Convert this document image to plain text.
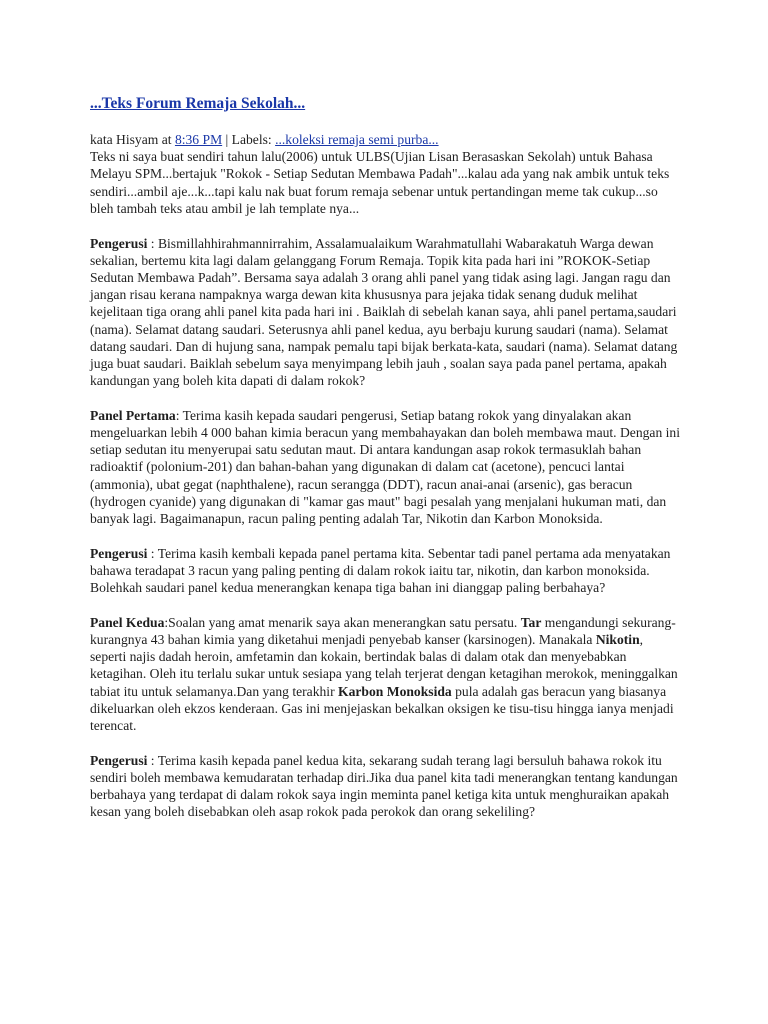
...Teks Forum Remaja Sekolah...
kata Hisyam at 8:36 PM | Labels: ...koleksi remaja semi purba...

Teks ni saya buat sendiri tahun lalu(2006) untuk ULBS(Ujian Lisan Berasaskan Sekolah) untuk Bahasa Melayu SPM...bertajuk "Rokok - Setiap Sedutan Membawa Padah"...kalau ada yang nak ambik untuk teks sendiri...ambil aje...k...tapi kalu nak buat forum remaja sebenar untuk pertandingan meme tak cukup...so bleh tambah teks atau ambil je lah template nya...

Pengerusi : Bismillahhirahmannirrahim, Assalamualaikum Warahmatullahi Wabarakatuh Warga dewan sekalian, bertemu kita lagi dalam gelanggang Forum Remaja. Topik kita pada hari ini ”ROKOK-Setiap Sedutan Membawa Padah”. Bersama saya adalah 3 orang ahli panel yang tidak asing lagi. Jangan ragu dan jangan risau kerana nampaknya warga dewan kita khususnya para jejaka tidak senang duduk melihat kejelitaan tiga orang ahli panel kita pada hari ini . Baiklah di sebelah kanan saya, ahli panel pertama,saudari (nama). Selamat datang saudari. Seterusnya ahli panel kedua, ayu berbaju kurung saudari (nama). Selamat datang saudari. Dan di hujung sana, nampak pemalu tapi bijak berkata-kata, saudari (nama). Selamat datang juga buat saudari. Baiklah sebelum saya menyimpang lebih jauh , soalan saya pada panel pertama, apakah kandungan yang boleh kita dapati di dalam rokok?

Panel Pertama: Terima kasih kepada saudari pengerusi, Setiap batang rokok yang dinyalakan akan mengeluarkan lebih 4 000 bahan kimia beracun yang membahayakan dan boleh membawa maut. Dengan ini setiap sedutan itu menyerupai satu sedutan maut. Di antara kandungan asap rokok termasuklah bahan radioaktif (polonium-201) dan bahan-bahan yang digunakan di dalam cat (acetone), pencuci lantai (ammonia), ubat gegat (naphthalene), racun serangga (DDT), racun anai-anai (arsenic), gas beracun (hydrogen cyanide) yang digunakan di "kamar gas maut" bagi pesalah yang menjalani hukuman mati, dan banyak lagi. Bagaimanapun, racun paling penting adalah Tar, Nikotin dan Karbon Monoksida.

Pengerusi : Terima kasih kembali kepada panel pertama kita. Sebentar tadi panel pertama ada menyatakan bahawa teradapat 3 racun yang paling penting di dalam rokok iaitu tar, nikotin, dan karbon monoksida. Bolehkah saudari panel kedua menerangkan kenapa tiga bahan ini dianggap paling berbahaya?

Panel Kedua:Soalan yang amat menarik saya akan menerangkan satu persatu. Tar mengandungi sekurang-kurangnya 43 bahan kimia yang diketahui menjadi penyebab kanser (karsinogen). Manakala Nikotin, seperti najis dadah heroin, amfetamin dan kokain, bertindak balas di dalam otak dan menyebabkan ketagihan. Oleh itu terlalu sukar untuk sesiapa yang telah terjerat dengan ketagihan merokok, meninggalkan tabiat itu untuk selamanya.Dan yang terakhir Karbon Monoksida pula adalah gas beracun yang biasanya dikeluarkan oleh ekzos kenderaan. Gas ini menjejaskan bekalkan oksigen ke tisu-tisu hingga ianya menjadi terencat.

Pengerusi : Terima kasih kepada panel kedua kita, sekarang sudah terang lagi bersuluh bahawa rokok itu sendiri boleh membawa kemudaratan terhadap diri.Jika dua panel kita tadi menerangkan tentang kandungan berbahaya yang terdapat di dalam rokok saya ingin meminta panel ketiga kita untuk menghuraikan apakah kesan yang boleh disebabkan oleh asap rokok pada perokok dan orang sekeliling?
